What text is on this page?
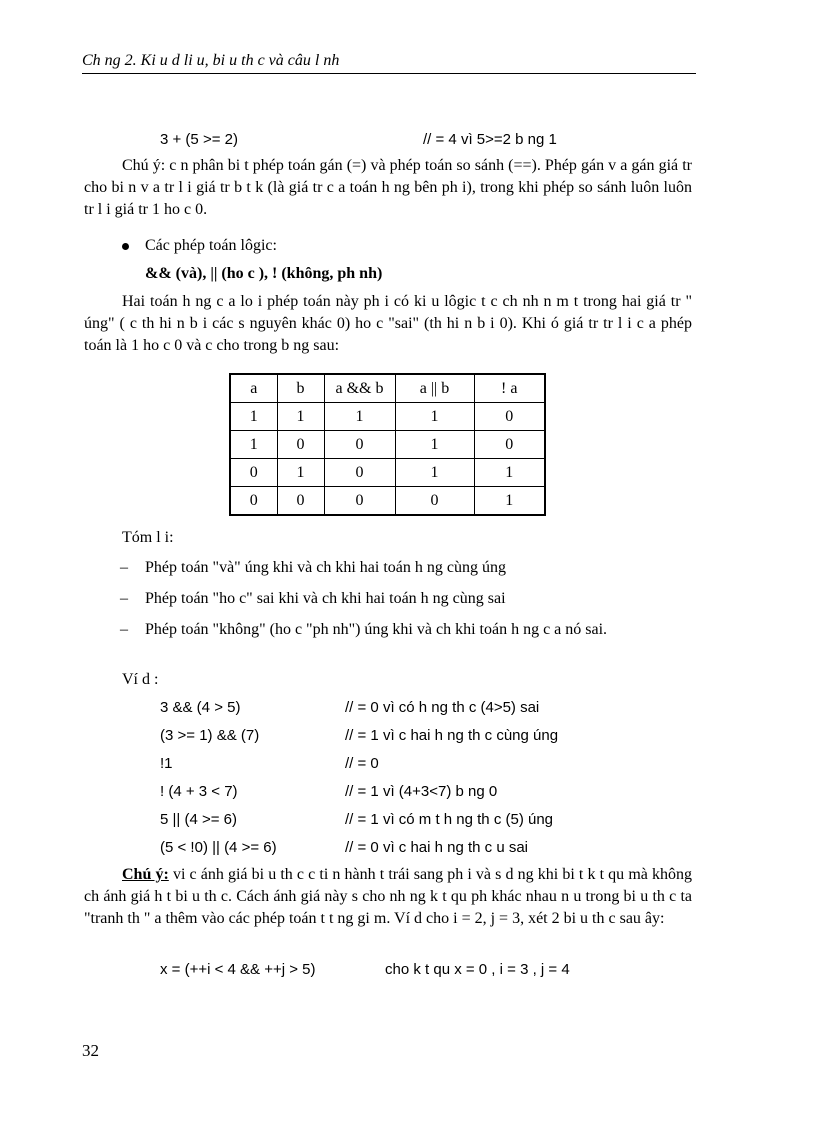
Ch ng 2. Ki u d li u, bi u th c và câu l nh
3 + (5 >= 2)	// = 4 vì 5>=2 b ng 1
Chú ý: c n phân bi t phép toán gán (=) và phép toán so sánh (==). Phép gán v a gán giá tr cho bi n v a tr l i giá tr b t k (là giá tr c a toán h ng bên ph i), trong khi phép so sánh luôn luôn tr l i giá tr 1 ho c 0.
Các phép toán lôgic:
&& (và), || (ho c ), ! (không, ph nh)
Hai toán h ng c a lo i phép toán này ph i có ki u lôgic t c ch nh n m t trong hai giá tr " úng" ( c th hi n b i các s nguyên khác 0) ho c "sai" (th hi n b i 0). Khi ó giá tr tr l i c a phép toán là 1 ho c 0 và c cho trong b ng sau:
a	b	a && b	a || b	! a
1	1	1	1	0
1	0	0	1	0
0	1	0	1	1
0	0	0	0	1
Tóm l i:
– Phép toán "và" úng khi và ch khi hai toán h ng cùng úng
– Phép toán "ho c" sai khi và ch khi hai toán h ng cùng sai
– Phép toán "không" (ho c "ph nh") úng khi và ch khi toán h ng c a nó sai.
Ví d :
3 && (4 > 5)	// = 0 vì có h ng th c (4>5) sai
(3 >= 1) && (7)	// = 1 vì c hai h ng th c cùng úng
!1	// = 0
! (4 + 3 < 7)	// = 1 vì (4+3<7) b ng 0
5 || (4 >= 6)	// = 1 vì có m t h ng th c (5) úng
(5 < !0) || (4 >= 6)	// = 0 vì c hai h ng th c u sai
Chú ý: vi c ánh giá bi u th c c ti n hành t trái sang ph i và s d ng khi bi t k t qu mà không ch ánh giá h t bi u th c. Cách ánh giá này s cho nh ng k t qu ph khác nhau n u trong bi u th c ta "tranh th " a thêm vào các phép toán t t ng gi m. Ví d cho i = 2, j = 3, xét 2 bi u th c sau ây:
x = (++i < 4 && ++j > 5)	cho k t qu x = 0 , i = 3 , j = 4
32
